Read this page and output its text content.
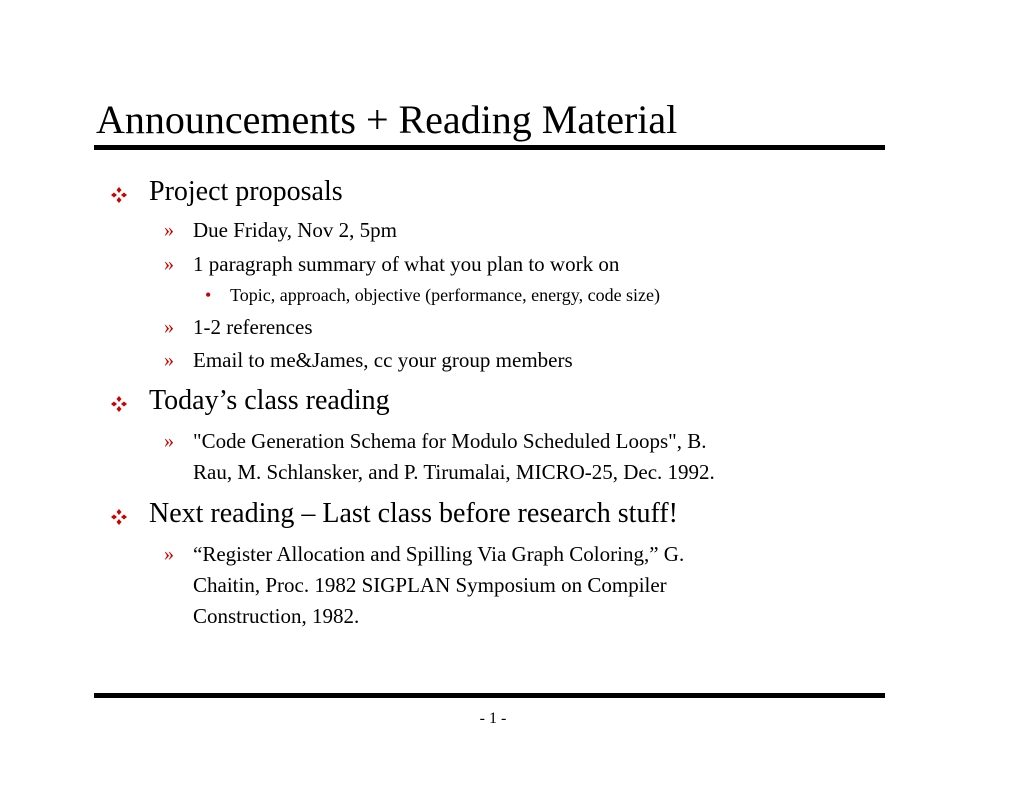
Announcements + Reading Material
Project proposals
» Due Friday, Nov 2, 5pm
» 1 paragraph summary of what you plan to work on
• Topic, approach, objective (performance, energy, code size)
» 1-2 references
» Email to me&James, cc your group members
Today’s class reading
» "Code Generation Schema for Modulo Scheduled Loops", B.
Rau, M. Schlansker, and P. Tirumalai, MICRO-25, Dec. 1992.
Next reading – Last class before research stuff!
» “Register Allocation and Spilling Via Graph Coloring,” G.
Chaitin, Proc. 1982 SIGPLAN Symposium on Compiler
Construction, 1982.
- 1 -
